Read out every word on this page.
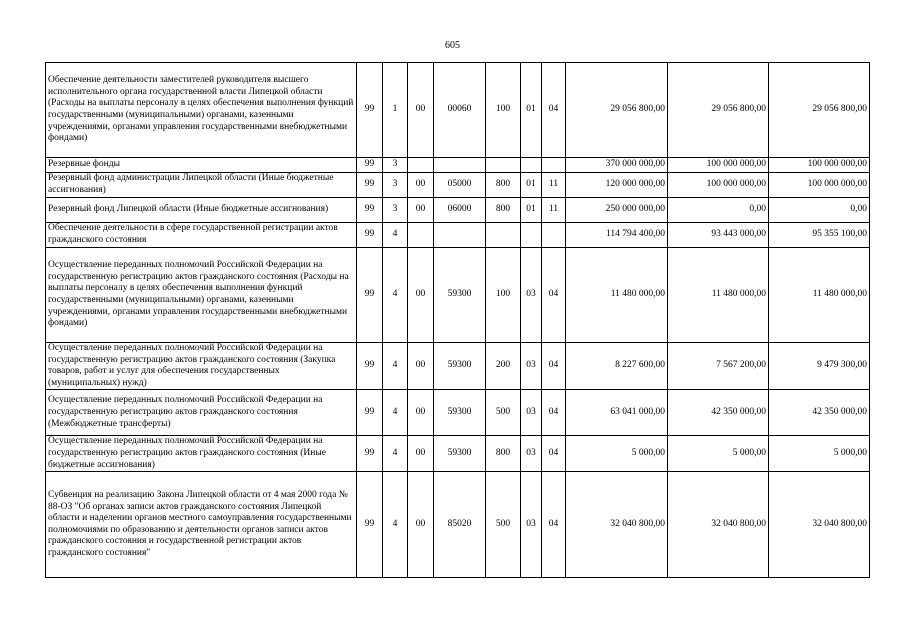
605
Обеспечение деятельности заместителей руководителя высшего исполнительного органа государственной власти Липецкой области (Расходы на выплаты персоналу в целях обеспечения выполнения функций государственными (муниципальными) органами, казенными учреждениями, органами управления государственными внебюджетными фондами)	99	1	00	00060	100	01	04	29 056 800,00	29 056 800,00	29 056 800,00
Резервные фонды	99	3						370 000 000,00	100 000 000,00	100 000 000,00
Резервный фонд администрации Липецкой области (Иные бюджетные ассигнования)	99	3	00	05000	800	01	11	120 000 000,00	100 000 000,00	100 000 000,00
Резервный фонд Липецкой области (Иные бюджетные ассигнования)	99	3	00	06000	800	01	11	250 000 000,00	0,00	0,00
Обеспечение деятельности в сфере государственной регистрации актов гражданского состояния	99	4						114 794 400,00	93 443 000,00	95 355 100,00
Осуществление переданных полномочий Российской Федерации на государственную регистрацию актов гражданского состояния (Расходы на выплаты персоналу в целях обеспечения выполнения функций государственными (муниципальными) органами, казенными учреждениями, органами управления государственными внебюджетными фондами)	99	4	00	59300	100	03	04	11 480 000,00	11 480 000,00	11 480 000,00
Осуществление переданных полномочий Российской Федерации на государственную регистрацию актов гражданского состояния (Закупка товаров, работ и услуг для обеспечения государственных (муниципальных) нужд)	99	4	00	59300	200	03	04	8 227 600,00	7 567 200,00	9 479 300,00
Осуществление переданных полномочий Российской Федерации на государственную регистрацию актов гражданского состояния (Межбюджетные трансферты)	99	4	00	59300	500	03	04	63 041 000,00	42 350 000,00	42 350 000,00
Осуществление переданных полномочий Российской Федерации на государственную регистрацию актов гражданского состояния (Иные бюджетные ассигнования)	99	4	00	59300	800	03	04	5 000,00	5 000,00	5 000,00
Субвенция на реализацию Закона Липецкой области от 4 мая 2000 года № 88-ОЗ "Об органах записи актов гражданского состояния Липецкой области и наделении органов местного самоуправления государственными полномочиями по образованию и деятельности органов записи актов гражданского состояния и государственной регистрации актов гражданского состояния"	99	4	00	85020	500	03	04	32 040 800,00	32 040 800,00	32 040 800,00
